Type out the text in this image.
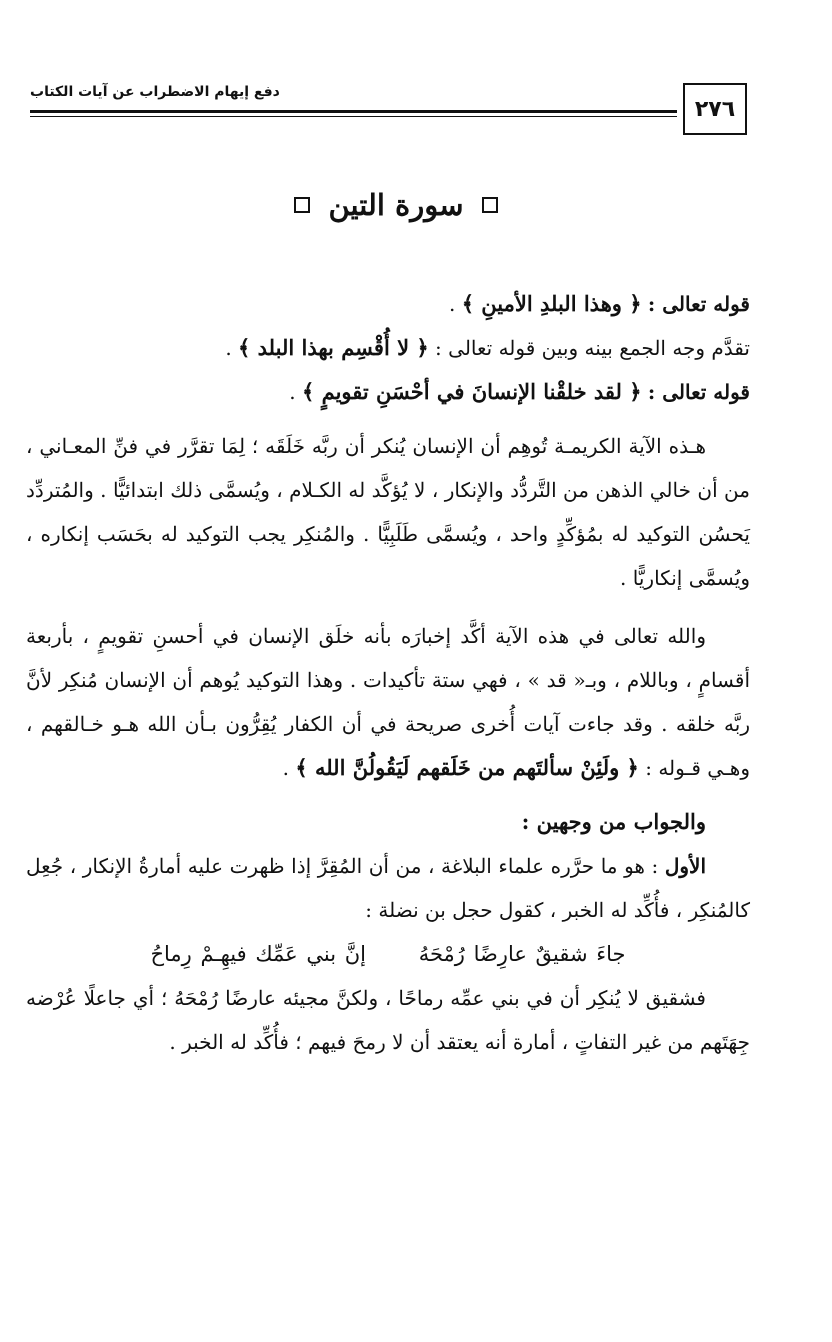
٢٧٦
دفع إيهام الاضطراب عن آيات الكتاب
سورة التين

قوله تعالى : ﴿ وهذا البلدِ الأمينِ ﴾ .

تقدَّم وجه الجمع بينه وبين قوله تعالى : ﴿ لا أُقْسِم بهذا البلد ﴾ .

قوله تعالى : ﴿ لقد خلقْنا الإنسانَ في أحْسَنِ تقويمٍ ﴾ .

هـذه الآية الكريمـة تُوهِم أن الإنسان يُنكر أن ربَّه خَلَقَه ؛ لِمَا تقرَّر في فنِّ المعـاني ، من أن خالي الذهن من التَّردُّد والإنكار ، لا يُؤكَّد له الكـلام ، ويُسمَّى ذلك ابتدائيًّا . والمُتردِّد يَحسُن التوكيد له بمُؤكِّدٍ واحد ، ويُسمَّى طَلَبِيًّا . والمُنكِر يجب التوكيد له بحَسَب إنكاره ، ويُسمَّى إنكاريًّا .

والله تعالى في هذه الآية أكَّد إخبارَه بأنه خلَق الإنسان في أحسنِ تقويمٍ ، بأربعة أقسامٍ ، وباللام ، وبـ« قد » ، فهي ستة تأكيدات . وهذا التوكيد يُوهم أن الإنسان مُنكِر لأنَّ ربَّه خلقه . وقد جاءت آيات أُخرى صريحة في أن الكفار يُقِرُّون بـأن الله هـو خـالقهم ، وهـي قـوله : ﴿ ولَئِنْ سألتَهم من خَلَقهم لَيَقُولُنَّ الله ﴾ .

والجواب من وجهين :

الأول : هو ما حرَّره علماء البلاغة ، من أن المُقِرَّ إذا ظهرت عليه أمارةُ الإنكار ، جُعِل كالمُنكِر ، فأُكِّد له الخبر ، كقول حجل بن نضلة :

جاءَ شقيقٌ عارِضًا رُمْحَهُ إنَّ بني عَمِّك فيهِـمْ رِماحُ

فشقيق لا يُنكِر أن في بني عمِّه رماحًا ، ولكنَّ مجيئه عارضًا رُمْحَهُ ؛ أي جاعلًا عُرْضه جِهَتَهم من غير التفاتٍ ، أمارة أنه يعتقد أن لا رمحَ فيهم ؛ فأُكِّد له الخبر .
